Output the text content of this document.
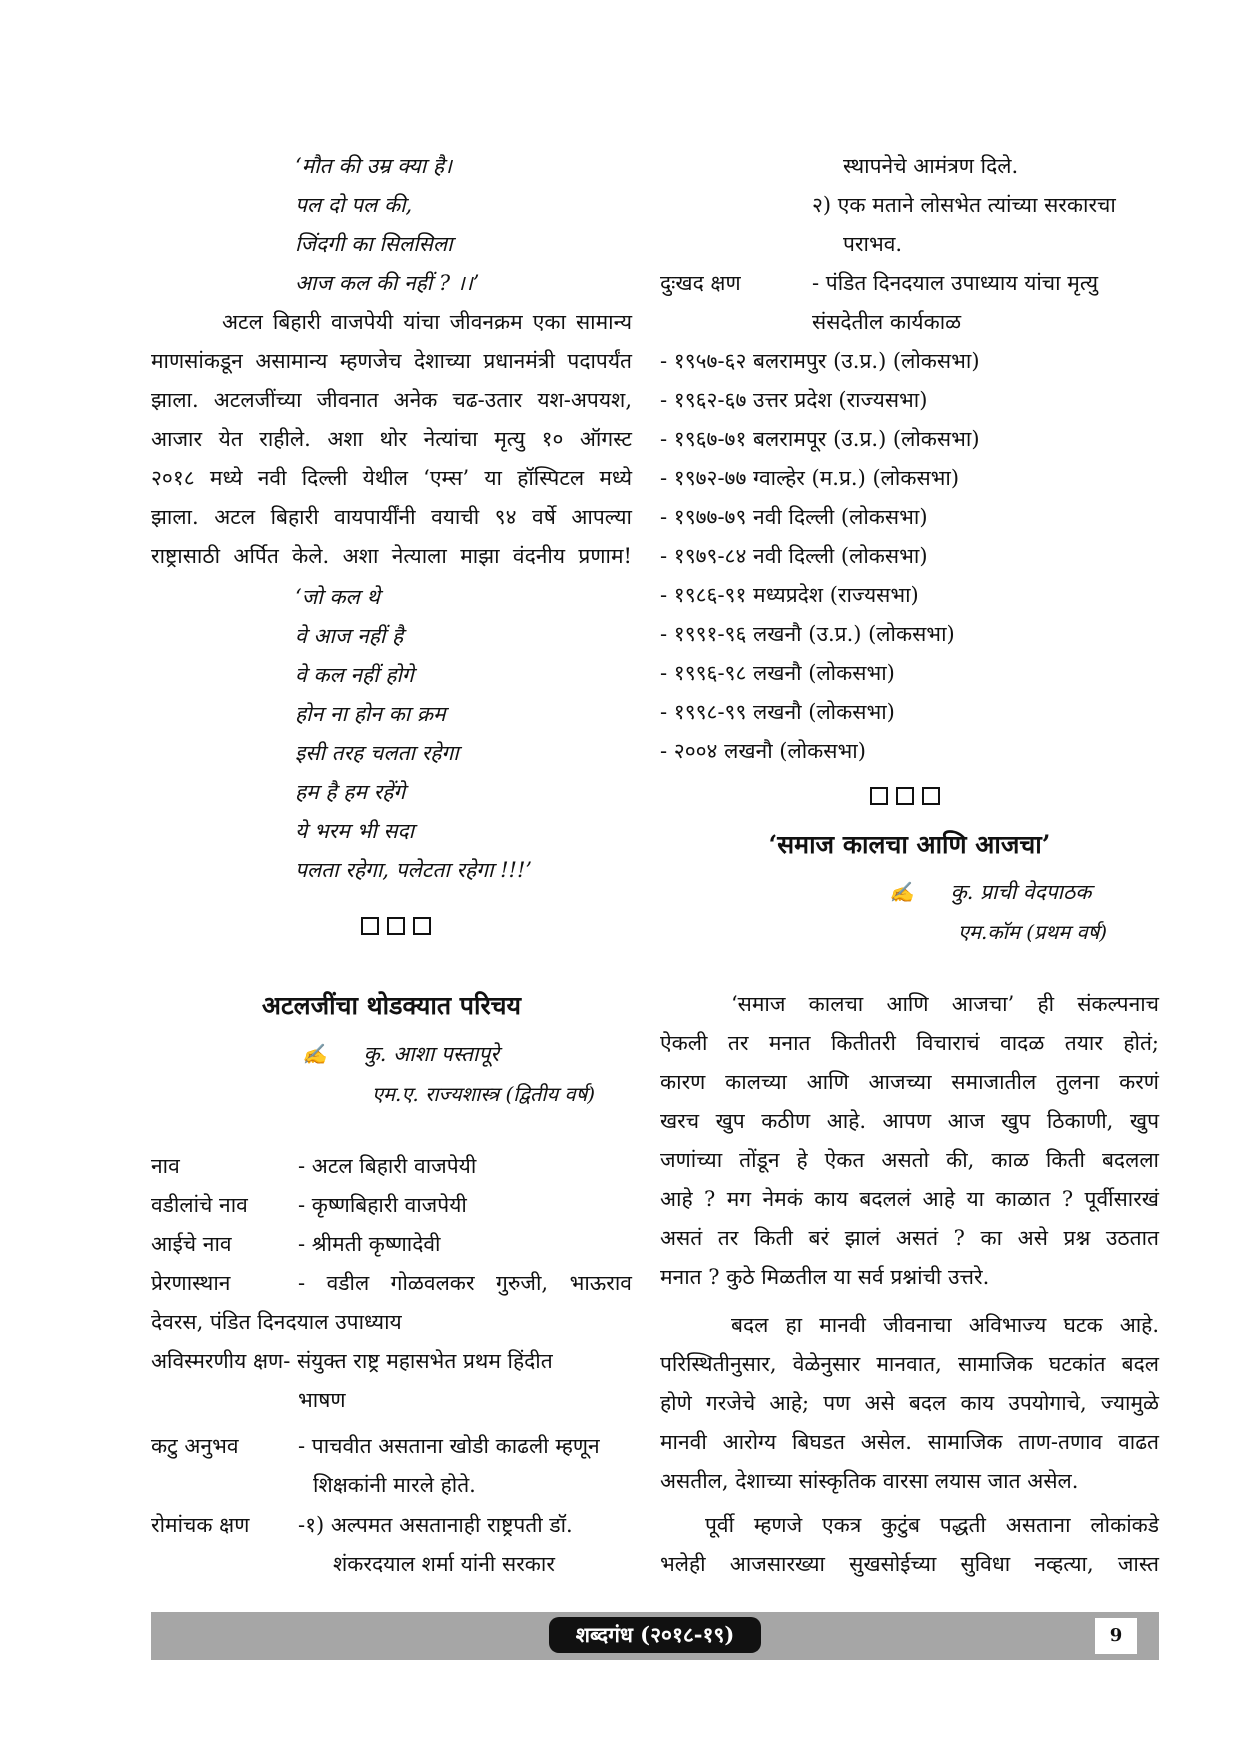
‘मौत की उम्र क्या है।
पल दो पल की,
जिंदगी का सिलसिला
आज कल की नहीं ? ।।’
अटल बिहारी वाजपेयी यांचा जीवनक्रम एका सामान्य
माणसांकडून असामान्य म्हणजेच देशाच्या प्रधानमंत्री पदापर्यंत
झाला. अटलजींच्या जीवनात अनेक चढ-उतार यश-अपयश,
आजार येत राहीले. अशा थोर नेत्यांचा मृत्यु १० ऑगस्ट
२०१८ मध्ये नवी दिल्ली येथील ‘एम्स’ या हॉस्पिटल मध्ये
झाला. अटल बिहारी वायपार्यींनी वयाची ९४ वर्षे आपल्या
राष्ट्रासाठी अर्पित केले. अशा नेत्याला माझा वंदनीय प्रणाम!
‘जो कल थे
वे आज नहीं है
वे कल नहीं होगे
होन ना होन का क्रम
इसी तरह चलता रहेगा
हम है हम रहेंगे
ये भरम भी सदा
पलता रहेगा, पलेटता रहेगा !!!’
अटलजींचा थोडक्यात परिचय
✍ कु. आशा पस्तापूरे
एम.ए. राज्यशास्त्र (द्वितीय वर्ष)
नाव	- अटल बिहारी वाजपेयी
वडीलांचे नाव - कृष्णबिहारी वाजपेयी
आईचे नाव	- श्रीमती कृष्णादेवी
प्रेरणास्थान	- वडील गोळवलकर गुरुजी, भाऊराव
देवरस, पंडित दिनदयाल उपाध्याय
अविस्मरणीय क्षण- संयुक्त राष्ट्र महासभेत प्रथम हिंदीत
भाषण
कटु अनुभव	- पाचवीत असताना खोडी काढली म्हणून
शिक्षकांनी मारले होते.
रोमांचक क्षण -१) अल्पमत असतानाही राष्ट्रपती डॉ.
शंकरदयाल शर्मा यांनी सरकार
स्थापनेचे आमंत्रण दिले.
२) एक मताने लोसभेत त्यांच्या सरकारचा
पराभव.
दुःखद क्षण	- पंडित दिनदयाल उपाध्याय यांचा मृत्यु
संसदेतील कार्यकाळ
- १९५७-६२ बलरामपुर (उ.प्र.) (लोकसभा)
- १९६२-६७ उत्तर प्रदेश (राज्यसभा)
- १९६७-७१ बलरामपूर (उ.प्र.) (लोकसभा)
- १९७२-७७ ग्वाल्हेर (म.प्र.) (लोकसभा)
- १९७७-७९ नवी दिल्ली (लोकसभा)
- १९७९-८४ नवी दिल्ली (लोकसभा)
- १९८६-९१ मध्यप्रदेश (राज्यसभा)
- १९९१-९६ लखनौ (उ.प्र.) (लोकसभा)
- १९९६-९८ लखनौ (लोकसभा)
- १९९८-९९ लखनौ (लोकसभा)
- २००४ लखनौ (लोकसभा)
‘समाज कालचा आणि आजचा’
✍ कु. प्राची वेदपाठक
एम.कॉम (प्रथम वर्ष)
‘समाज कालचा आणि आजचा’ ही संकल्पनाच
ऐकली तर मनात कितीतरी विचाराचं वादळ तयार होतं;
कारण कालच्या आणि आजच्या समाजातील तुलना करणं
खरच खुप कठीण आहे. आपण आज खुप ठिकाणी, खुप
जणांच्या तोंडून हे ऐकत असतो की, काळ किती बदलला
आहे ? मग नेमकं काय बदललं आहे या काळात ? पूर्वीसारखं
असतं तर किती बरं झालं असतं ? का असे प्रश्न उठतात
मनात ? कुठे मिळतील या सर्व प्रश्नांची उत्तरे.
बदल हा मानवी जीवनाचा अविभाज्य घटक आहे.
परिस्थितीनुसार, वेळेनुसार मानवात, सामाजिक घटकांत बदल
होणे गरजेचे आहे; पण असे बदल काय उपयोगाचे, ज्यामुळे
मानवी आरोग्य बिघडत असेल. सामाजिक ताण-तणाव वाढत
असतील, देशाच्या सांस्कृतिक वारसा लयास जात असेल.
पूर्वी म्हणजे एकत्र कुटुंब पद्धती असताना लोकांकडे
भलेही आजसारख्या सुखसोईच्या सुविधा नव्हत्या, जास्त
शब्दगंध (२०१८-१९)	9
